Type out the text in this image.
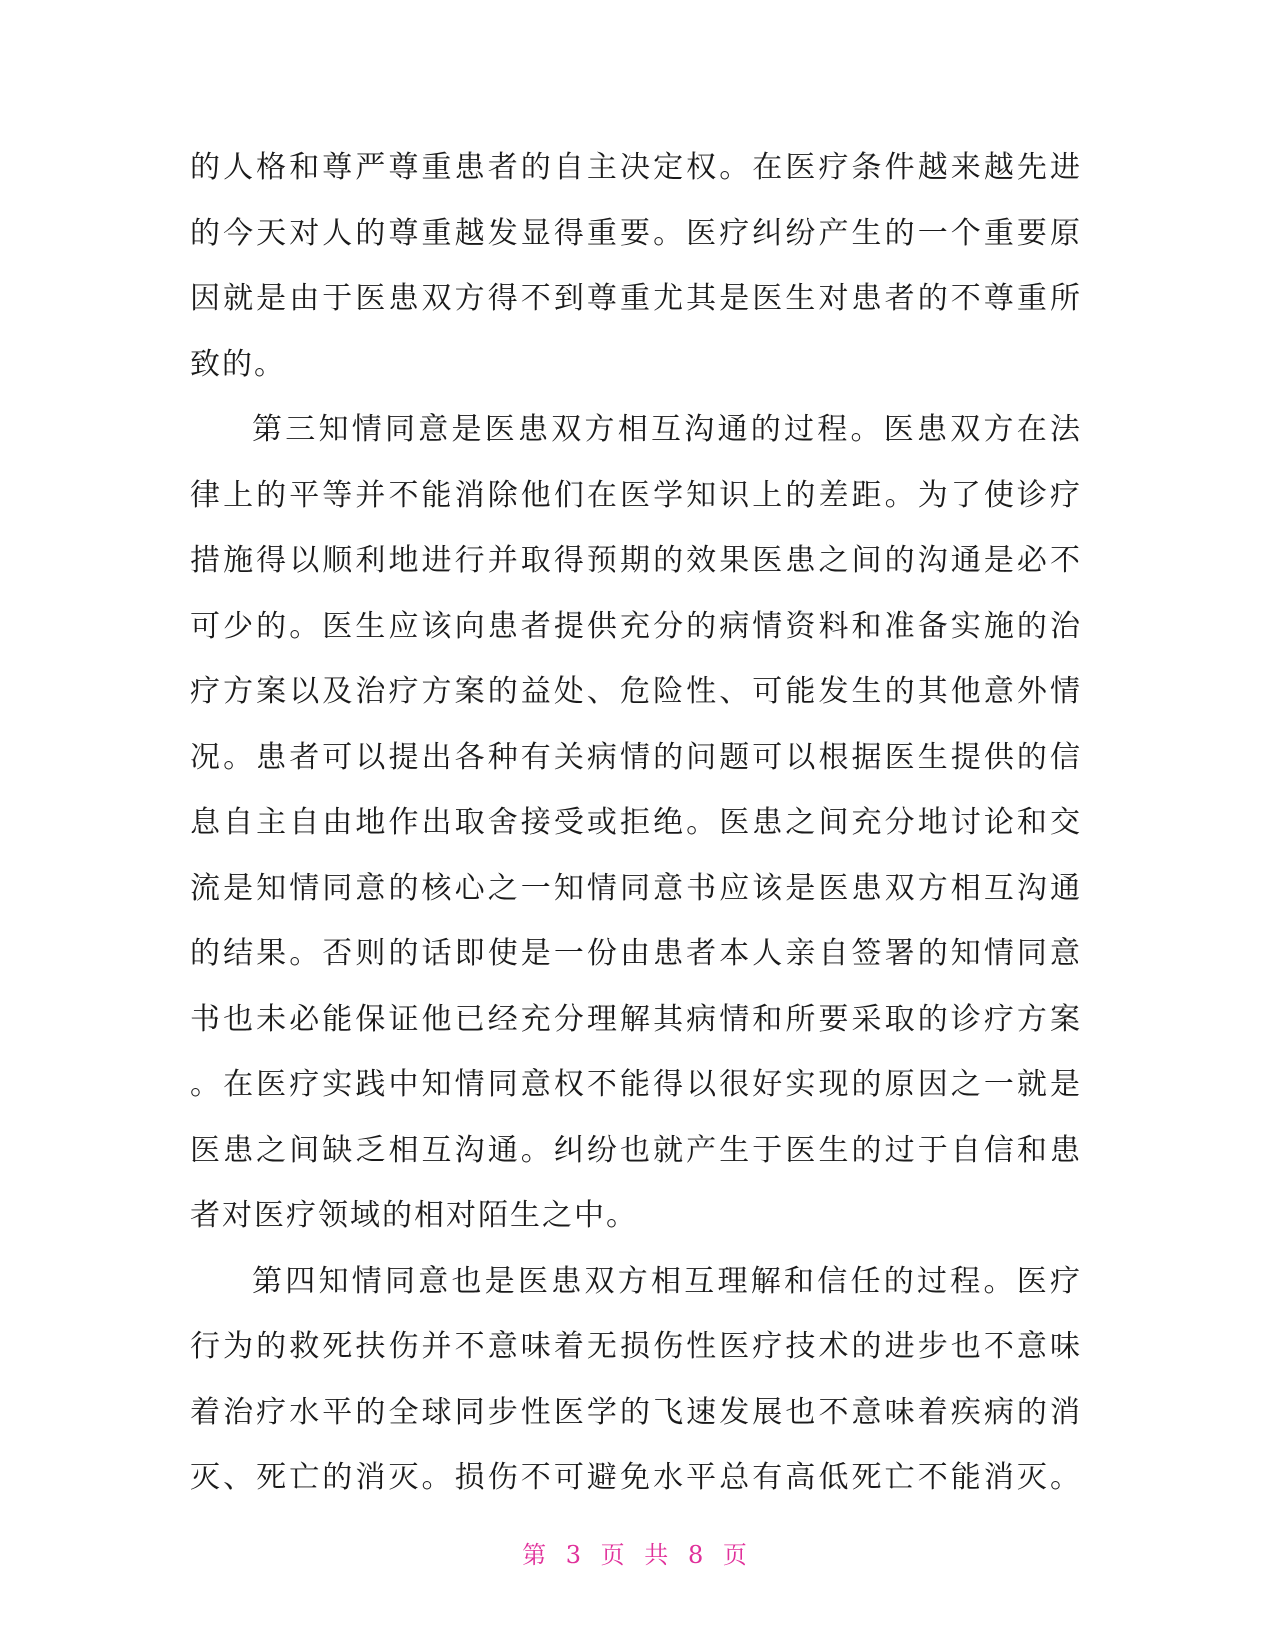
的人格和尊严尊重患者的自主决定权。在医疗条件越来越先进
的今天对人的尊重越发显得重要。医疗纠纷产生的一个重要原
因就是由于医患双方得不到尊重尤其是医生对患者的不尊重所
致的。
第三知情同意是医患双方相互沟通的过程。医患双方在法
律上的平等并不能消除他们在医学知识上的差距。为了使诊疗
措施得以顺利地进行并取得预期的效果医患之间的沟通是必不
可少的。医生应该向患者提供充分的病情资料和准备实施的治
疗方案以及治疗方案的益处、危险性、可能发生的其他意外情
况。患者可以提出各种有关病情的问题可以根据医生提供的信
息自主自由地作出取舍接受或拒绝。医患之间充分地讨论和交
流是知情同意的核心之一知情同意书应该是医患双方相互沟通
的结果。否则的话即使是一份由患者本人亲自签署的知情同意
书也未必能保证他已经充分理解其病情和所要采取的诊疗方案
。在医疗实践中知情同意权不能得以很好实现的原因之一就是
医患之间缺乏相互沟通。纠纷也就产生于医生的过于自信和患
者对医疗领域的相对陌生之中。
第四知情同意也是医患双方相互理解和信任的过程。医疗
行为的救死扶伤并不意味着无损伤性医疗技术的进步也不意味
着治疗水平的全球同步性医学的飞速发展也不意味着疾病的消
灭、死亡的消灭。损伤不可避免水平总有高低死亡不能消灭。
第 3 页 共 8 页
